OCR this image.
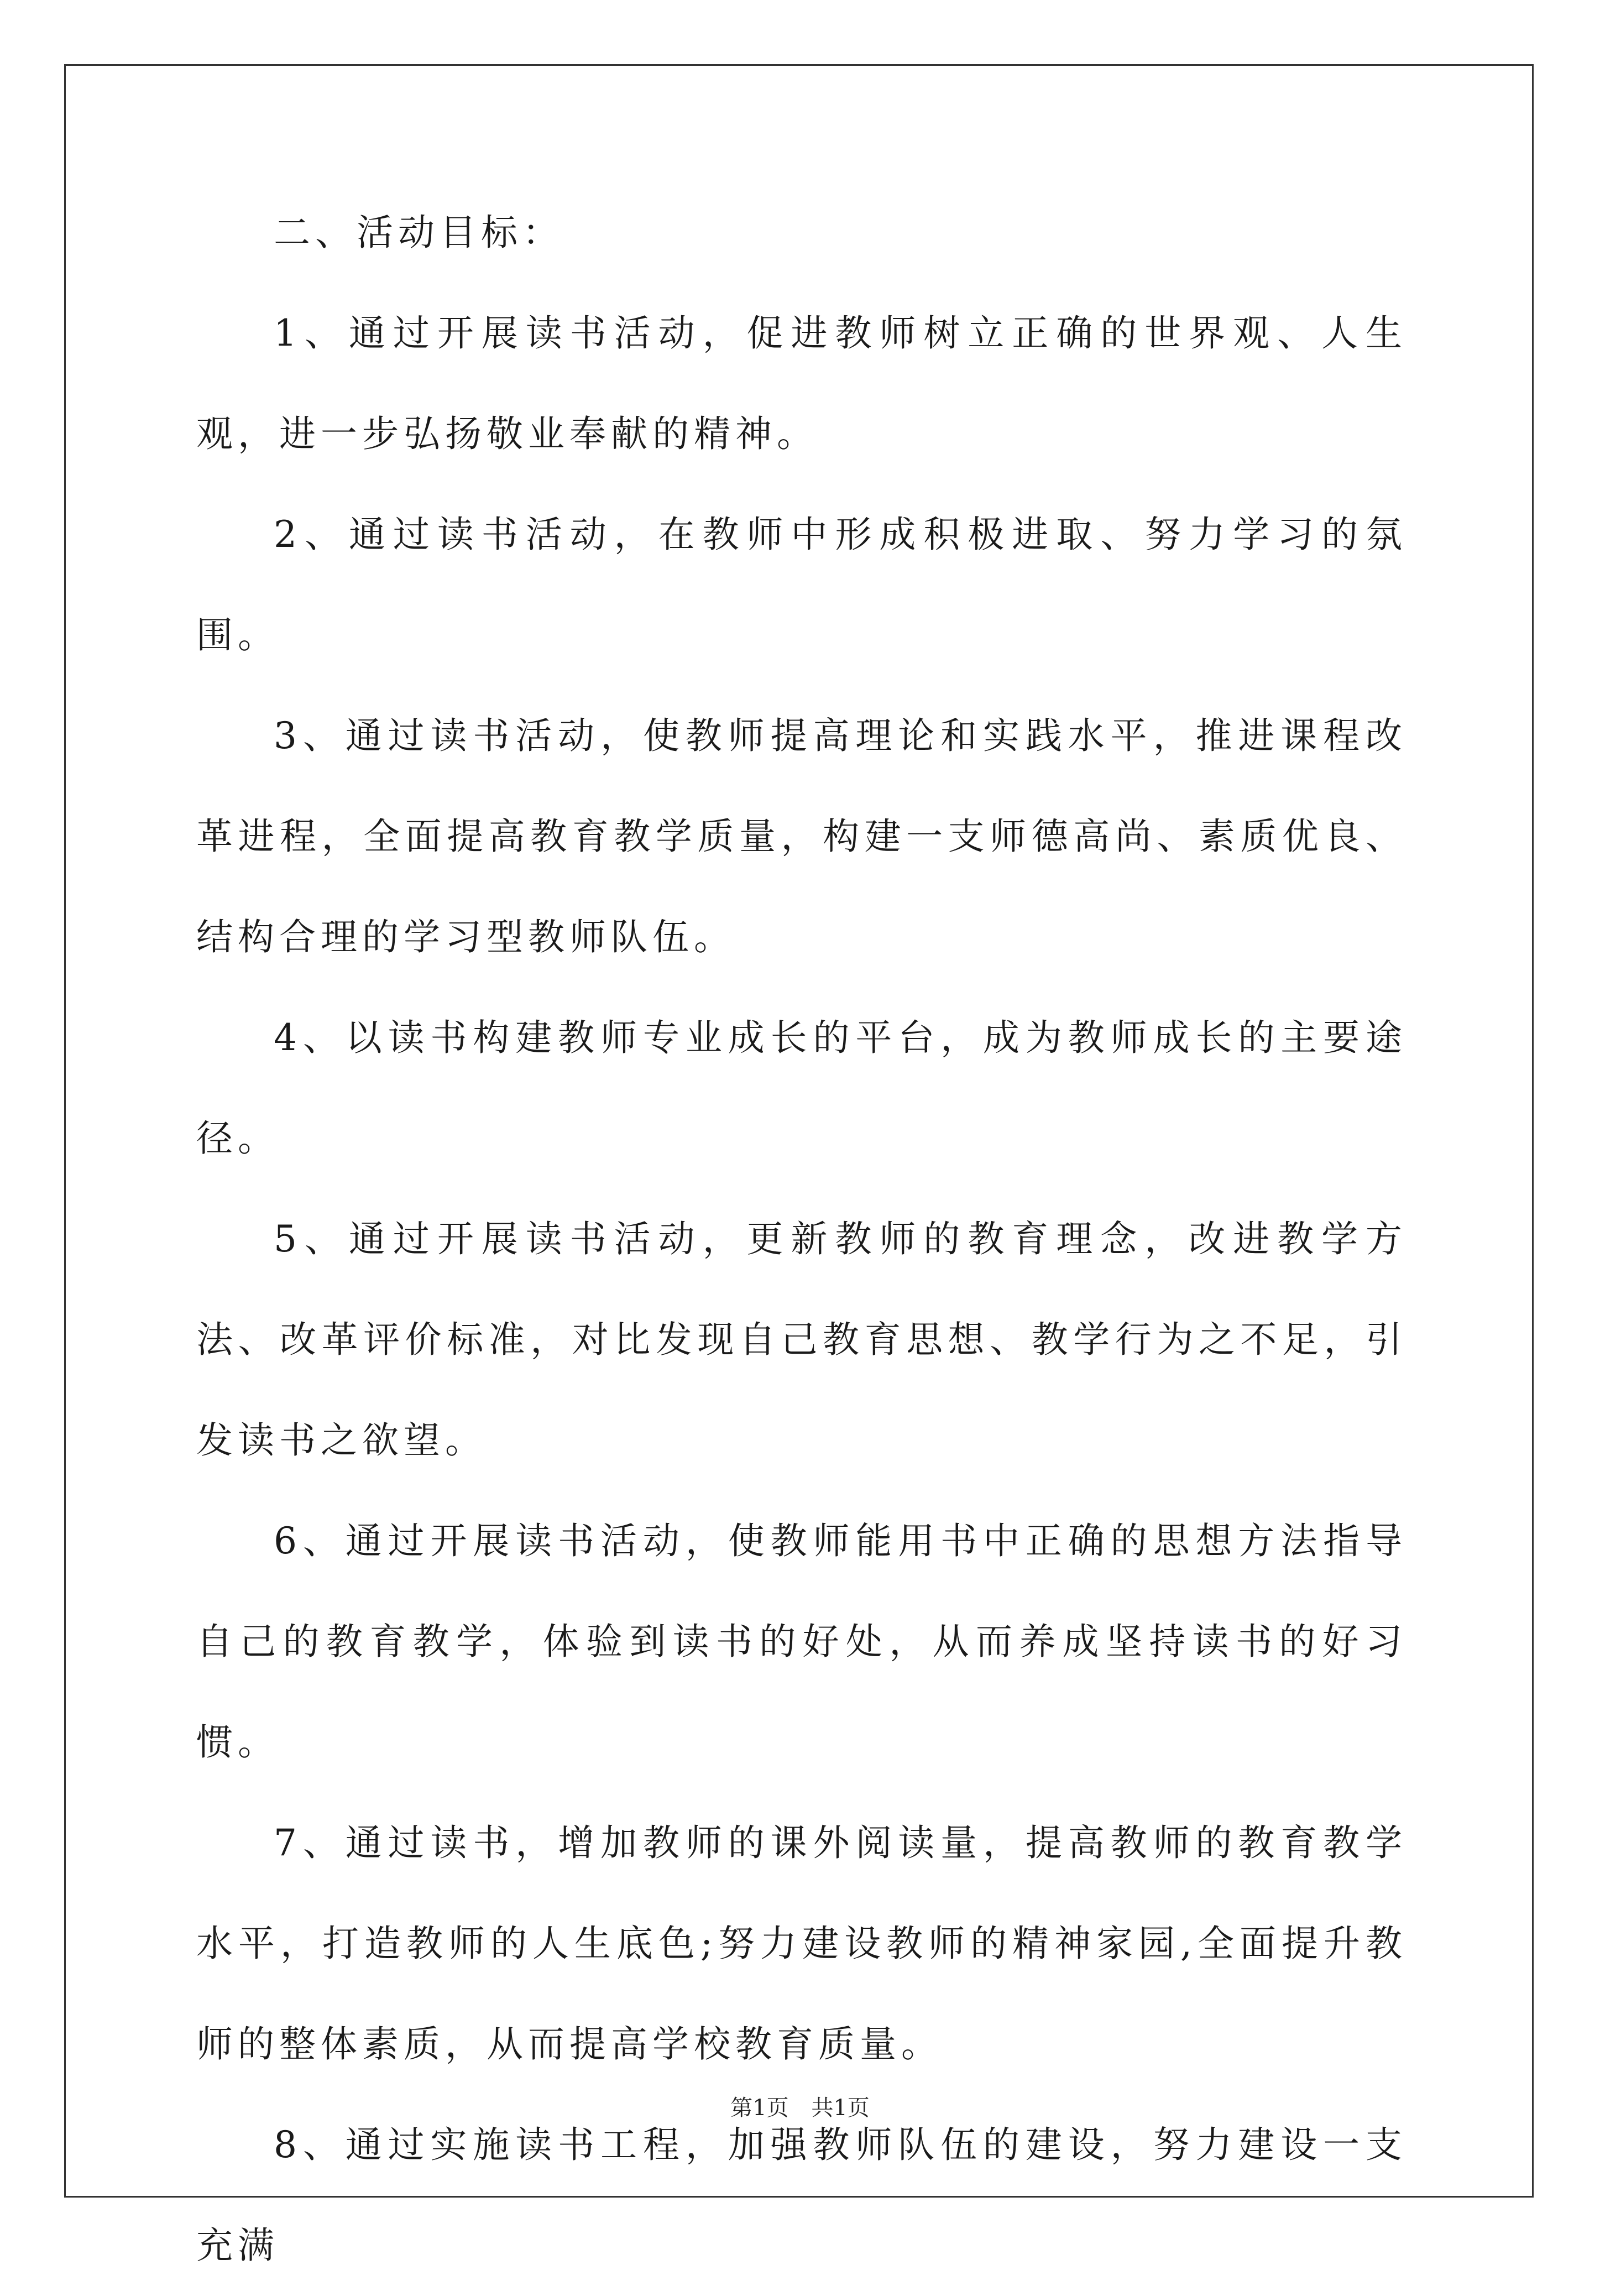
二、活动目标：

1、通过开展读书活动，促进教师树立正确的世界观、人生观，进一步弘扬敬业奉献的精神。

2、通过读书活动，在教师中形成积极进取、努力学习的氛围。

3、通过读书活动，使教师提高理论和实践水平，推进课程改革进程，全面提高教育教学质量，构建一支师德高尚、素质优良、结构合理的学习型教师队伍。

4、以读书构建教师专业成长的平台，成为教师成长的主要途径。

5、通过开展读书活动，更新教师的教育理念，改进教学方法、改革评价标准，对比发现自己教育思想、教学行为之不足，引发读书之欲望。

6、通过开展读书活动，使教师能用书中正确的思想方法指导自己的教育教学，体验到读书的好处，从而养成坚持读书的好习惯。

7、通过读书，增加教师的课外阅读量，提高教师的教育教学水平，打造教师的人生底色;努力建设教师的精神家园,全面提升教师的整体素质，从而提高学校教育质量。

8、通过实施读书工程，加强教师队伍的建设，努力建设一支充满

第1页 共1页
